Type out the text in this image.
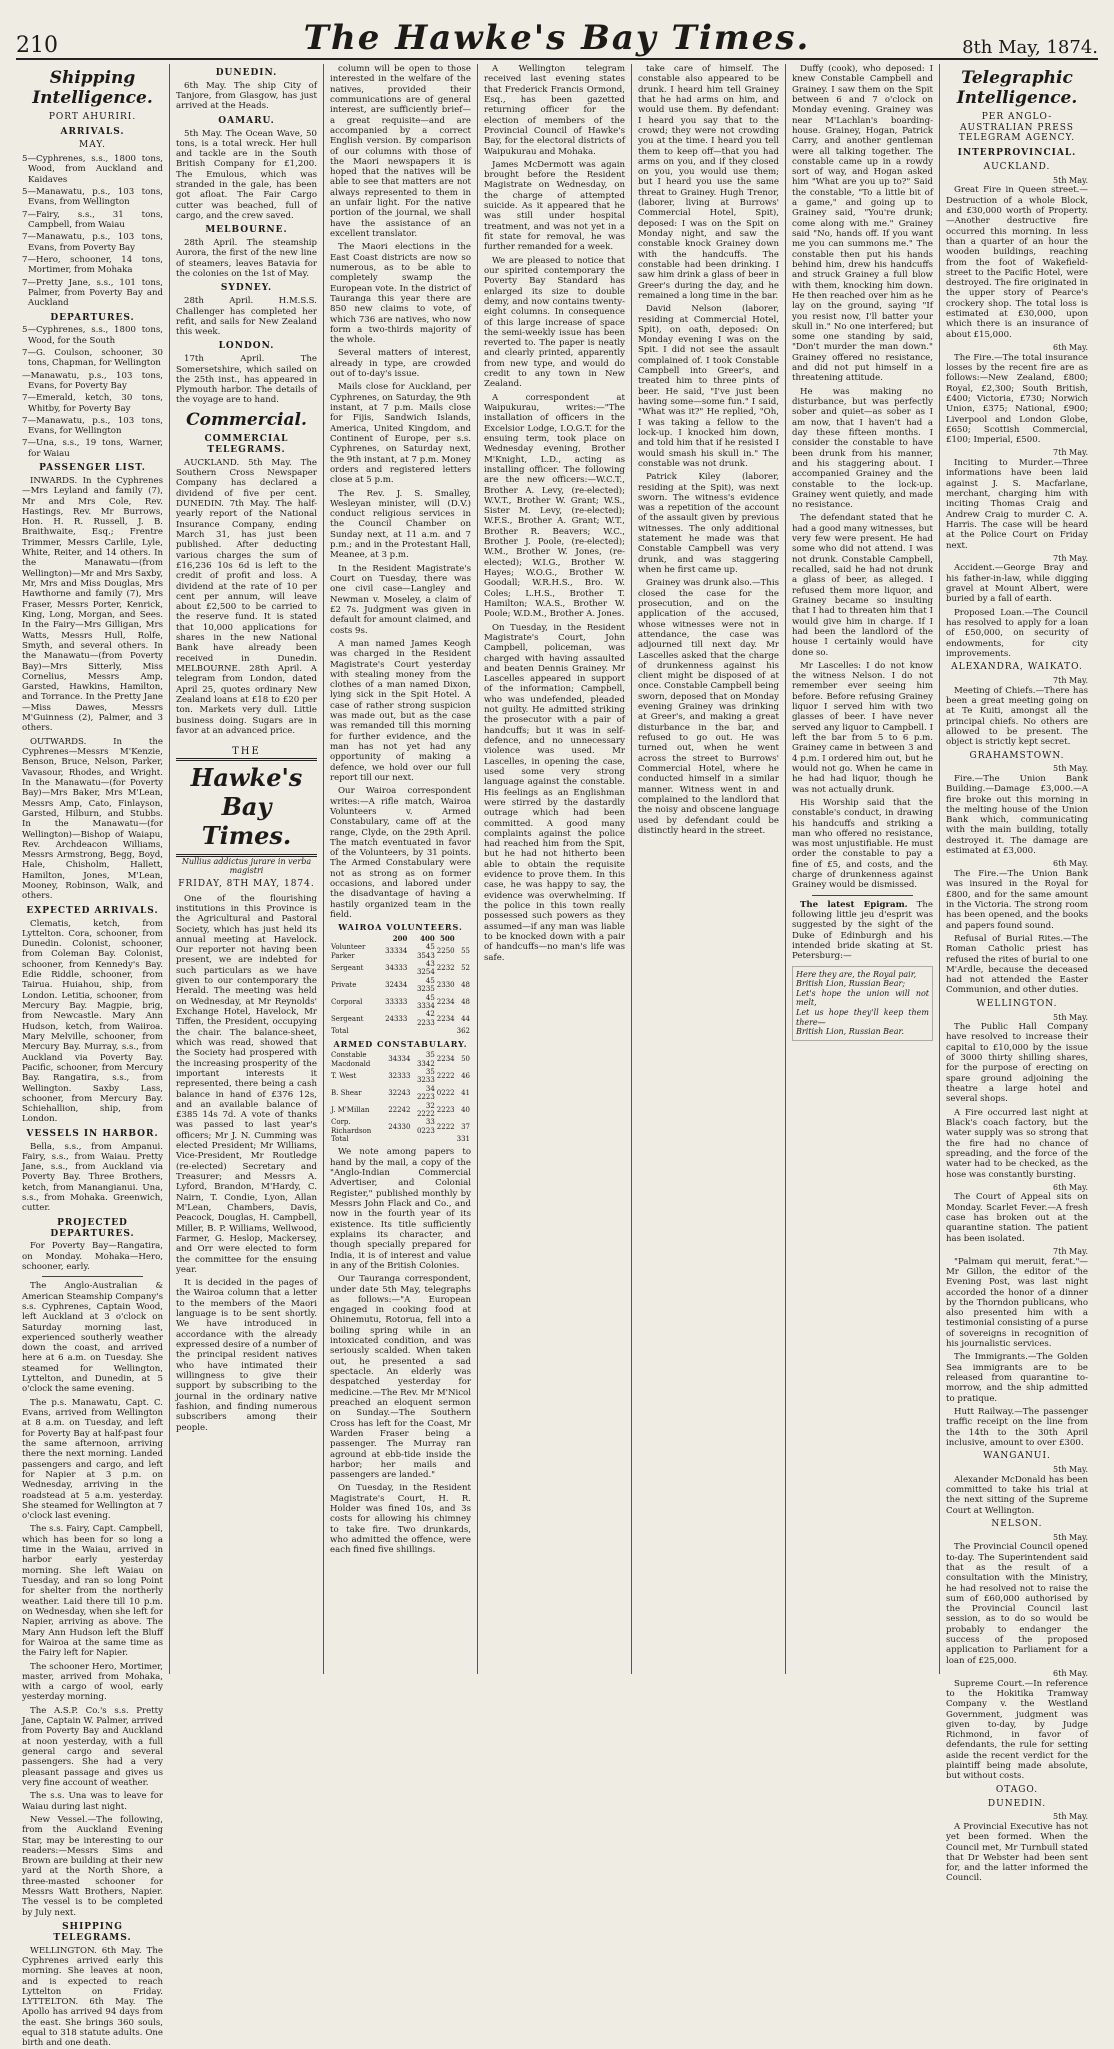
210	The Hawke's Bay Times.	8th May, 1874.
Shipping Intelligence.
PORT AHURIRI.
ARRIVALS.
MAY.
5—Cyphrenes, s.s., 1800 tons, Wood, from Auckland and Kaidaves
5—Manawatu, p.s., 103 tons, Evans, from Wellington
7—Fairy, s.s., 31 tons, Campbell, from Waiau
7—Manawatu, p.s., 103 tons, Evans, from Poverty Bay
7—Hero, schooner, 14 tons, Mortimer, from Mohaka
7—Pretty Jane, s.s., 101 tons, Palmer, from Poverty Bay and Auckland
DEPARTURES.
5—Cyphrenes, s.s., 1800 tons, Wood, for the South
7—G. Coulson, schooner, 30 tons, Chapman, for Wellington
—Manawatu, p.s., 103 tons, Evans, for Poverty Bay
7—Emerald, ketch, 30 tons, Whitby, for Poverty Bay
7—Manawatu, p.s., 103 tons, Evans, for Wellington
7—Una, s.s., 19 tons, Warner, for Waiau
PASSENGER LIST.

INWARDS. In the Cyphrenes—Mrs Leyland and family (7), Mr and Mrs Cole, Rev. Hastings, Rev. Mr Burrows, Hon. H. R. Russell, J. B. Braithwaite, Esq.; Frentre Trimmer, Messrs Carlile, Lyle, White, Reiter, and 14 others. In the Manawatu—(from Wellington)—Mr and Mrs Saxby, Mr, Mrs and Miss Douglas, Mrs Hawthorne and family (7), Mrs Fraser, Messrs Porter, Kenrick, King, Long, Morgan, and Sees. In the Fairy—Mrs Gilligan, Mrs Watts, Messrs Hull, Rolfe, Smyth, and several others. In the Manawatu—(from Poverty Bay)—Mrs Sitterly, Miss Cornelius, Messrs Amp, Garsted, Hawkins, Hamilton, and Torrance. In the Pretty Jane—Miss Dawes, Messrs M'Guinness (2), Palmer, and 3 others.

OUTWARDS. In the Cyphrenes—Messrs M'Kenzie, Benson, Bruce, Nelson, Parker, Vavasour, Rhodes, and Wright. In the Manawatu—(for Poverty Bay)—Mrs Baker, Mrs M'Lean, Messrs Amp, Cato, Finlayson, Garsted, Hilburn, and Stubbs. In the Manawatu—(for Wellington)—Bishop of Waiapu, Rev. Archdeacon Williams, Messrs Armstrong, Begg, Boyd, Hale, Chisholm, Hallett, Hamilton, Jones, M'Lean, Mooney, Robinson, Walk, and others.

EXPECTED ARRIVALS.

Clematis, ketch, from Lyttelton. Cora, schooner, from Dunedin. Colonist, schooner, from Coleman Bay. Colonist, schooner, from Kennedy's Bay. Edie Riddle, schooner, from Tairua. Huiahou, ship, from London. Letitia, schooner, from Mercury Bay. Magpie, brig, from Newcastle. Mary Ann Hudson, ketch, from Waiiroa. Mary Melville, schooner, from Mercury Bay. Murray, s.s., from Auckland via Poverty Bay. Pacific, schooner, from Mercury Bay. Rangatira, s.s., from Wellington. Saxby Lass, schooner, from Mercury Bay. Schiehallion, ship, from London.

VESSELS IN HARBOR.

Bella, s.s., from Ampanui. Fairy, s.s., from Waiau. Pretty Jane, s.s., from Auckland via Poverty Bay. Three Brothers, ketch, from Manangianui. Una, s.s., from Mohaka. Greenwich, cutter.

PROJECTED DEPARTURES.

For Poverty Bay—Rangatira, on Monday. Mohaka—Hero, schooner, early.

The Anglo-Australian & American Steamship Company's s.s. Cyphrenes, Captain Wood, left Auckland at 3 o'clock on Saturday morning last, experienced southerly weather down the coast, and arrived here at 6 a.m. on Tuesday. She steamed for Wellington, Lyttelton, and Dunedin, at 5 o'clock the same evening.

The p.s. Manawatu, Capt. C. Evans, arrived from Wellington at 8 a.m. on Tuesday, and left for Poverty Bay at half-past four the same afternoon, arriving there the next morning. Landed passengers and cargo, and left for Napier at 3 p.m. on Wednesday, arriving in the roadstead at 5 a.m. yesterday. She steamed for Wellington at 7 o'clock last evening.

The s.s. Fairy, Capt. Campbell, which has been for so long a time in the Waiau, arrived in harbor early yesterday morning. She left Waiau on Tuesday, and ran so long Point for shelter from the northerly weather. Laid there till 10 p.m. on Wednesday, when she left for Napier, arriving as above. The Mary Ann Hudson left the Bluff for Wairoa at the same time as the Fairy left for Napier.

The schooner Hero, Mortimer, master, arrived from Mohaka, with a cargo of wool, early yesterday morning.

The A.S.P. Co.'s s.s. Pretty Jane, Captain W. Palmer, arrived from Poverty Bay and Auckland at noon yesterday, with a full general cargo and several passengers. She had a very pleasant passage and gives us very fine account of weather.

The s.s. Una was to leave for Waiau during last night.

New Vessel.—The following, from the Auckland Evening Star, may be interesting to our readers:—Messrs Sims and Brown are building at their new yard at the North Shore, a three-masted schooner for Messrs Watt Brothers, Napier. The vessel is to be completed by July next.

SHIPPING TELEGRAMS.

WELLINGTON. 6th May. The Cyphrenes arrived early this morning. She leaves at noon, and is expected to reach Lyttelton on Friday. LYTTELTON. 6th May. The Apollo has arrived 94 days from the east. She brings 360 souls, equal to 318 statute adults. One birth and one death.

DUNEDIN.

6th May. The ship City of Tanjore, from Glasgow, has just arrived at the Heads.

OAMARU.

5th May. The Ocean Wave, 50 tons, is a total wreck. Her hull and tackle are in the South British Company for £1,200. The Emulous, which was stranded in the gale, has been got afloat. The Fair Cargo cutter was beached, full of cargo, and the crew saved.

MELBOURNE.

28th April. The steamship Aurora, the first of the new line of steamers, leaves Batavia for the colonies on the 1st of May.

SYDNEY.

28th April. H.M.S.S. Challenger has completed her refit, and sails for New Zealand this week.

LONDON.

17th April. The Somersetshire, which sailed on the 25th inst., has appeared in Plymouth harbor. The details of the voyage are to hand.

Commercial.
COMMERCIAL TELEGRAMS.

AUCKLAND. 5th May. The Southern Cross Newspaper Company has declared a dividend of five per cent. DUNEDIN. 7th May. The half-yearly report of the National Insurance Company, ending March 31, has just been published. After deducting various charges the sum of £16,236 10s 6d is left to the credit of profit and loss. A dividend at the rate of 10 per cent per annum, will leave about £2,500 to be carried to the reserve fund. It is stated that 10,000 applications for shares in the new National Bank have already been received in Dunedin. MELBOURNE. 28th April. A telegram from London, dated April 25, quotes ordinary New Zealand loans at £18 to £20 per ton. Markets very dull. Little business doing. Sugars are in favor at an advanced price.

THE
Hawke's Bay Times.
Nullius addictus jurare in verba magistri
FRIDAY, 8TH MAY, 1874.

One of the flourishing institutions in this Province is the Agricultural and Pastoral Society, which has just held its annual meeting at Havelock. Our reporter not having been present, we are indebted for such particulars as we have given to our contemporary the Herald. The meeting was held on Wednesday, at Mr Reynolds' Exchange Hotel, Havelock, Mr Tiffen, the President, occupying the chair. The balance-sheet, which was read, showed that the Society had prospered with the increasing prosperity of the important interests it represented, there being a cash balance in hand of £376 12s, and an available balance of £385 14s 7d. A vote of thanks was passed to last year's officers; Mr J. N. Cumming was elected President; Mr Williams, Vice-President, Mr Routledge (re-elected) Secretary and Treasurer; and Messrs A. Lyford, Brandon, M'Hardy, C. Nairn, T. Condie, Lyon, Allan M'Lean, Chambers, Davis, Peacock, Douglas, H. Campbell, Miller, B. P. Williams, Wellwood, Farmer, G. Heslop, Mackersey, and Orr were elected to form the committee for the ensuing year.

It is decided in the pages of the Wairoa column that a letter to the members of the Maori language is to be sent shortly. We have introduced in accordance with the already expressed desire of a number of the principal resident natives who have intimated their willingness to give their support by subscribing to the journal in the ordinary native fashion, and finding numerous subscribers among their people.

column will be open to those interested in the welfare of the natives, provided their communications are of general interest, are sufficiently brief—a great requisite—and are accompanied by a correct English version. By comparison of our columns with those of the Maori newspapers it is hoped that the natives will be able to see that matters are not always represented to them in an unfair light. For the native portion of the journal, we shall have the assistance of an excellent translator.

The Maori elections in the East Coast districts are now so numerous, as to be able to completely swamp the European vote. In the district of Tauranga this year there are 850 new claims to vote, of which 736 are natives, who now form a two-thirds majority of the whole.

Several matters of interest, already in type, are crowded out of to-day's issue.

Mails close for Auckland, per Cyphrenes, on Saturday, the 9th instant, at 7 p.m. Mails close for Fijis, Sandwich Islands, America, United Kingdom, and Continent of Europe, per s.s. Cyphrenes, on Saturday next, the 9th instant, at 7 p.m. Money orders and registered letters close at 5 p.m.

The Rev. J. S. Smalley, Wesleyan minister, will (D.V.) conduct religious services in the Council Chamber on Sunday next, at 11 a.m. and 7 p.m.; and in the Protestant Hall, Meanee, at 3 p.m.

In the Resident Magistrate's Court on Tuesday, there was one civil case—Langley and Newman v. Moseley, a claim of £2 7s. Judgment was given in default for amount claimed, and costs 9s.

A man named James Keogh was charged in the Resident Magistrate's Court yesterday with stealing money from the clothes of a man named Dixon, lying sick in the Spit Hotel. A case of rather strong suspicion was made out, but as the case was remanded till this morning for further evidence, and the man has not yet had any opportunity of making a defence, we hold over our full report till our next.

Our Wairoa correspondent writes:—A rifle match, Wairoa Volunteers v. Armed Constabulary, came off at the range, Clyde, on the 29th April. The match eventuated in favor of the Volunteers, by 31 points. The Armed Constabulary were not as strong as on former occasions, and labored under the disadvantage of having a hastily organized team in the field.

WAIROA VOLUNTEERS.
	200	400	500	
Volunteer Parker	33334	45 3543	2250	55
Sergeant	34333	43 3254	2232	52
Private	32434	45 3235	2330	48
Corporal	33333	45 3334	2234	48
Sergeant	24333	42 2233	2234	44
Total				362
ARMED CONSTABULARY.
Constable Macdonald	34334	35 3342	2234	50
T. West	32333	35 3233	2222	46
B. Shear	32243	34 2223	0222	41
J. M'Millan	22242	32 2222	2223	40
Corp. Richardson	24330	33 0223	2222	37
Total				331

We note among papers to hand by the mail, a copy of the "Anglo-Indian Commercial Advertiser, and Colonial Register," published monthly by Messrs John Flack and Co., and now in the fourth year of its existence. Its title sufficiently explains its character, and though specially prepared for India, it is of interest and value in any of the British Colonies.

Our Tauranga correspondent, under date 5th May, telegraphs as follows:—"A European engaged in cooking food at Ohinemutu, Rotorua, fell into a boiling spring while in an intoxicated condition, and was seriously scalded. When taken out, he presented a sad spectacle. An elderly was despatched yesterday for medicine.—The Rev. Mr M'Nicol preached an eloquent sermon on Sunday.—The Southern Cross has left for the Coast, Mr Warden Fraser being a passenger. The Murray ran aground at ebb-tide inside the harbor; her mails and passengers are landed."

On Tuesday, in the Resident Magistrate's Court, H. R. Holder was fined 10s, and 3s costs for allowing his chimney to take fire. Two drunkards, who admitted the offence, were each fined five shillings.

A Wellington telegram received last evening states that Frederick Francis Ormond, Esq., has been gazetted returning officer for the election of members of the Provincial Council of Hawke's Bay, for the electoral districts of Waipukurau and Mohaka.

James McDermott was again brought before the Resident Magistrate on Wednesday, on the charge of attempted suicide. As it appeared that he was still under hospital treatment, and was not yet in a fit state for removal, he was further remanded for a week.

We are pleased to notice that our spirited contemporary the Poverty Bay Standard has enlarged its size to double demy, and now contains twenty-eight columns. In consequence of this large increase of space the semi-weekly issue has been reverted to. The paper is neatly and clearly printed, apparently from new type, and would do credit to any town in New Zealand.

A correspondent at Waipukurau, writes:—"The installation of officers in the Excelsior Lodge, I.O.G.T. for the ensuing term, took place on Wednesday evening, Brother M'Knight, L.D., acting as installing officer. The following are the new officers:—W.C.T., Brother A. Levy, (re-elected); W.V.T., Brother W. Grant; W.S., Sister M. Levy, (re-elected); W.F.S., Brother A. Grant; W.T., Brother R. Beavers; W.C., Brother J. Poole, (re-elected); W.M., Brother W. Jones, (re-elected); W.I.G., Brother W. Hayes; W.O.G., Brother W. Goodall; W.R.H.S., Bro. W. Coles; L.H.S., Brother T. Hamilton; W.A.S., Brother W. Poole; W.D.M., Brother A. Jones.

On Tuesday, in the Resident Magistrate's Court, John Campbell, policeman, was charged with having assaulted and beaten Dennis Grainey. Mr Lascelles appeared in support of the information; Campbell, who was undefended, pleaded not guilty. He admitted striking the prosecutor with a pair of handcuffs; but it was in self-defence, and no unnecessary violence was used. Mr Lascelles, in opening the case, used some very strong language against the constable. His feelings as an Englishman were stirred by the dastardly outrage which had been committed. A good many complaints against the police had reached him from the Spit, but he had not hitherto been able to obtain the requisite evidence to prove them. In this case, he was happy to say, the evidence was overwhelming. If the police in this town really possessed such powers as they assumed—if any man was liable to be knocked down with a pair of handcuffs—no man's life was safe.

take care of himself. The constable also appeared to be drunk. I heard him tell Grainey that he had arms on him, and would use them. By defendant: I heard you say that to the crowd; they were not crowding you at the time. I heard you tell them to keep off—that you had arms on you, and if they closed on you, you would use them; but I heard you use the same threat to Grainey. Hugh Trenor, (laborer, living at Burrows' Commercial Hotel, Spit), deposed: I was on the Spit on Monday night, and saw the constable knock Grainey down with the handcuffs. The constable had been drinking. I saw him drink a glass of beer in Greer's during the day, and he remained a long time in the bar.

David Nelson (laborer, residing at Commercial Hotel, Spit), on oath, deposed: On Monday evening I was on the Spit. I did not see the assault complained of. I took Constable Campbell into Greer's, and treated him to three pints of beer. He said, "I've just been having some—some fun." I said, "What was it?" He replied, "Oh, I was taking a fellow to the lock-up. I knocked him down, and told him that if he resisted I would smash his skull in." The constable was not drunk.

Patrick Kiley (laborer, residing at the Spit), was next sworn. The witness's evidence was a repetition of the account of the assault given by previous witnesses. The only additional statement he made was that Constable Campbell was very drunk, and was staggering when he first came up.

Grainey was drunk also.—This closed the case for the prosecution, and on the application of the accused, whose witnesses were not in attendance, the case was adjourned till next day. Mr Lascelles asked that the charge of drunkenness against his client might be disposed of at once. Constable Campbell being sworn, deposed that on Monday evening Grainey was drinking at Greer's, and making a great disturbance in the bar, and refused to go out. He was turned out, when he went across the street to Burrows' Commercial Hotel, where he conducted himself in a similar manner. Witness went in and complained to the landlord that the noisy and obscene language used by defendant could be distinctly heard in the street.

Duffy (cook), who deposed: I knew Constable Campbell and Grainey. I saw them on the Spit between 6 and 7 o'clock on Monday evening. Grainey was near M'Lachlan's boarding-house. Grainey, Hogan, Patrick Carry, and another gentleman were all talking together. The constable came up in a rowdy sort of way, and Hogan asked him "What are you up to?" Said the constable, "To a little bit of a game," and going up to Grainey said, "You're drunk; come along with me." Grainey said "No, hands off. If you want me you can summons me." The constable then put his hands behind him, drew his handcuffs and struck Grainey a full blow with them, knocking him down. He then reached over him as he lay on the ground, saying "If you resist now, I'll batter your skull in." No one interfered; but some one standing by said, "Don't murder the man down." Grainey offered no resistance, and did not put himself in a threatening attitude.

He was making no disturbance, but was perfectly sober and quiet—as sober as I am now, that I haven't had a day these fifteen months. I consider the constable to have been drunk from his manner, and his staggering about. I accompanied Grainey and the constable to the lock-up. Grainey went quietly, and made no resistance.

The defendant stated that he had a good many witnesses, but very few were present. He had some who did not attend. I was not drunk. Constable Campbell, recalled, said he had not drunk a glass of beer, as alleged. I refused them more liquor, and Grainey became so insulting that I had to threaten him that I would give him in charge. If I had been the landlord of the house I certainly would have done so.

Mr Lascelles: I do not know the witness Nelson. I do not remember ever seeing him before. Before refusing Grainey liquor I served him with two glasses of beer. I have never served any liquor to Campbell. I left the bar from 5 to 6 p.m. Grainey came in between 3 and 4 p.m. I ordered him out, but he would not go. When he came in he had had liquor, though he was not actually drunk.

His Worship said that the constable's conduct, in drawing his handcuffs and striking a man who offered no resistance, was most unjustifiable. He must order the constable to pay a fine of £5, and costs, and the charge of drunkenness against Grainey would be dismissed.

The latest Epigram. The following little jeu d'esprit was suggested by the sight of the Duke of Edinburgh and his intended bride skating at St. Petersburg:—

Here they are, the Royal pair,
British Lion, Russian Bear;
Let's hope the union will not melt,
Let us hope they'll keep them there—
British Lion, Russian Bear.
Telegraphic Intelligence.
PER ANGLO-AUSTRALIAN PRESS TELEGRAM AGENCY.
INTERPROVINCIAL.
AUCKLAND.
5th May.

Great Fire in Queen street.—Destruction of a whole Block, and £30,000 worth of Property.—Another destructive fire occurred this morning. In less than a quarter of an hour the wooden buildings, reaching from the foot of Wakefield-street to the Pacific Hotel, were destroyed. The fire originated in the upper story of Pearce's crockery shop. The total loss is estimated at £30,000, upon which there is an insurance of about £15,000.

6th May.

The Fire.—The total insurance losses by the recent fire are as follows:—New Zealand, £800; Royal, £2,300; South British, £400; Victoria, £730; Norwich Union, £375; National, £900; Liverpool and London Globe, £650; Scottish Commercial, £100; Imperial, £500.

7th May.

Inciting to Murder.—Three informations have been laid against J. S. Macfarlane, merchant, charging him with inciting Thomas Craig and Andrew Craig to murder C. A. Harris. The case will be heard at the Police Court on Friday next.

7th May.

Accident.—George Bray and his father-in-law, while digging gravel at Mount Albert, were buried by a fall of earth.

Proposed Loan.—The Council has resolved to apply for a loan of £50,000, on security of endowments, for city improvements.

ALEXANDRA, WAIKATO.
7th May.

Meeting of Chiefs.—There has been a great meeting going on at Te Kuiti, amongst all the principal chiefs. No others are allowed to be present. The object is strictly kept secret.

GRAHAMSTOWN.
5th May.

Fire.—The Union Bank Building.—Damage £3,000.—A fire broke out this morning in the melting house of the Union Bank which, communicating with the main building, totally destroyed it. The damage are estimated at £3,000.

6th May.

The Fire.—The Union Bank was insured in the Royal for £800, and for the same amount in the Victoria. The strong room has been opened, and the books and papers found sound.

Refusal of Burial Rites.—The Roman Catholic priest has refused the rites of burial to one M'Ardle, because the deceased had not attended the Easter Communion, and other duties.

WELLINGTON.
5th May.

The Public Hall Company have resolved to increase their capital to £10,000 by the issue of 3000 thirty shilling shares, for the purpose of erecting on spare ground adjoining the theatre a large hotel and several shops.

A Fire occurred last night at Black's coach factory, but the water supply was so strong that the fire had no chance of spreading, and the force of the water had to be checked, as the hose was constantly bursting.

6th May.

The Court of Appeal sits on Monday. Scarlet Fever.—A fresh case has broken out at the quarantine station. The patient has been isolated.

7th May.

"Palmam qui meruit, ferat."—Mr Gillon, the editor of the Evening Post, was last night accorded the honor of a dinner by the Thorndon publicans, who also presented him with a testimonial consisting of a purse of sovereigns in recognition of his journalistic services.

The Immigrants.—The Golden Sea immigrants are to be released from quarantine to-morrow, and the ship admitted to pratique.

Hutt Railway.—The passenger traffic receipt on the line from the 14th to the 30th April inclusive, amount to over £300.

WANGANUI.
5th May.

Alexander McDonald has been committed to take his trial at the next sitting of the Supreme Court at Wellington.

NELSON.
5th May.

The Provincial Council opened to-day. The Superintendent said that as the result of a consultation with the Ministry, he had resolved not to raise the sum of £60,000 authorised by the Provincial Council last session, as to do so would be probably to endanger the success of the proposed application to Parliament for a loan of £25,000.

6th May.

Supreme Court.—In reference to the Hokitika Tramway Company v. the Westland Government, judgment was given to-day, by Judge Richmond, in favor of defendants, the rule for setting aside the recent verdict for the plaintiff being made absolute, but without costs.

OTAGO.
DUNEDIN.
5th May.

A Provincial Executive has not yet been formed. When the Council met, Mr Turnbull stated that Dr Webster had been sent for, and the latter informed the Council.
